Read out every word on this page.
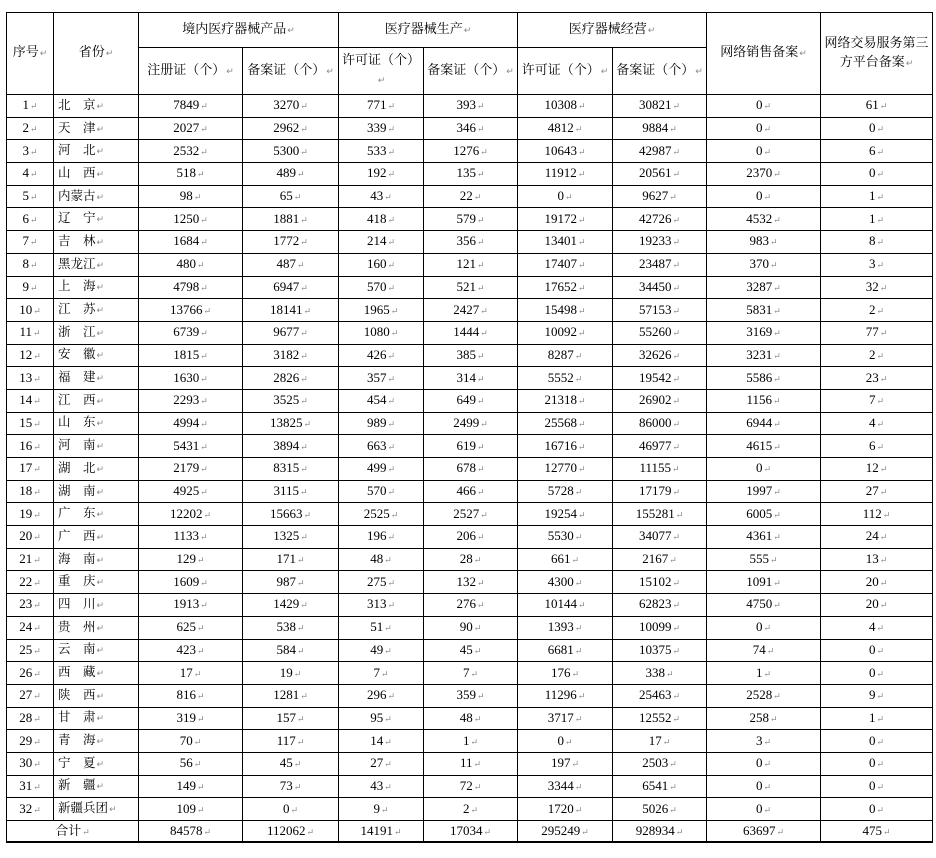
序号↵	省份↵	境内医疗器械产品↵		医疗器械生产↵		医疗器械经营↵		网络销售备案↵	网络交易服务第三方平台备案↵
		注册证（个）↵	备案证（个）↵	许可证（个）↵	备案证（个）↵	许可证（个）↵	备案证（个）↵		
1↵	北　京↵	7849↵	3270↵	771↵	393↵	10308↵	30821↵	0↵	61↵
2↵	天　津↵	2027↵	2962↵	339↵	346↵	4812↵	9884↵	0↵	0↵
3↵	河　北↵	2532↵	5300↵	533↵	1276↵	10643↵	42987↵	0↵	6↵
4↵	山　西↵	518↵	489↵	192↵	135↵	11912↵	20561↵	2370↵	0↵
5↵	内蒙古↵	98↵	65↵	43↵	22↵	0↵	9627↵	0↵	1↵
6↵	辽　宁↵	1250↵	1881↵	418↵	579↵	19172↵	42726↵	4532↵	1↵
7↵	吉　林↵	1684↵	1772↵	214↵	356↵	13401↵	19233↵	983↵	8↵
8↵	黑龙江↵	480↵	487↵	160↵	121↵	17407↵	23487↵	370↵	3↵
9↵	上　海↵	4798↵	6947↵	570↵	521↵	17652↵	34450↵	3287↵	32↵
10↵	江　苏↵	13766↵	18141↵	1965↵	2427↵	15498↵	57153↵	5831↵	2↵
11↵	浙　江↵	6739↵	9677↵	1080↵	1444↵	10092↵	55260↵	3169↵	77↵
12↵	安　徽↵	1815↵	3182↵	426↵	385↵	8287↵	32626↵	3231↵	2↵
13↵	福　建↵	1630↵	2826↵	357↵	314↵	5552↵	19542↵	5586↵	23↵
14↵	江　西↵	2293↵	3525↵	454↵	649↵	21318↵	26902↵	1156↵	7↵
15↵	山　东↵	4994↵	13825↵	989↵	2499↵	25568↵	86000↵	6944↵	4↵
16↵	河　南↵	5431↵	3894↵	663↵	619↵	16716↵	46977↵	4615↵	6↵
17↵	湖　北↵	2179↵	8315↵	499↵	678↵	12770↵	11155↵	0↵	12↵
18↵	湖　南↵	4925↵	3115↵	570↵	466↵	5728↵	17179↵	1997↵	27↵
19↵	广　东↵	12202↵	15663↵	2525↵	2527↵	19254↵	155281↵	6005↵	112↵
20↵	广　西↵	1133↵	1325↵	196↵	206↵	5530↵	34077↵	4361↵	24↵
21↵	海　南↵	129↵	171↵	48↵	28↵	661↵	2167↵	555↵	13↵
22↵	重　庆↵	1609↵	987↵	275↵	132↵	4300↵	15102↵	1091↵	20↵
23↵	四　川↵	1913↵	1429↵	313↵	276↵	10144↵	62823↵	4750↵	20↵
24↵	贵　州↵	625↵	538↵	51↵	90↵	1393↵	10099↵	0↵	4↵
25↵	云　南↵	423↵	584↵	49↵	45↵	6681↵	10375↵	74↵	0↵
26↵	西　藏↵	17↵	19↵	7↵	7↵	176↵	338↵	1↵	0↵
27↵	陕　西↵	816↵	1281↵	296↵	359↵	11296↵	25463↵	2528↵	9↵
28↵	甘　肃↵	319↵	157↵	95↵	48↵	3717↵	12552↵	258↵	1↵
29↵	青　海↵	70↵	117↵	14↵	1↵	0↵	17↵	3↵	0↵
30↵	宁　夏↵	56↵	45↵	27↵	11↵	197↵	2503↵	0↵	0↵
31↵	新　疆↵	149↵	73↵	43↵	72↵	3344↵	6541↵	0↵	0↵
32↵	新疆兵团↵	109↵	0↵	9↵	2↵	1720↵	5026↵	0↵	0↵
合计↵		84578↵	112062↵	14191↵	17034↵	295249↵	928934↵	63697↵	475↵
